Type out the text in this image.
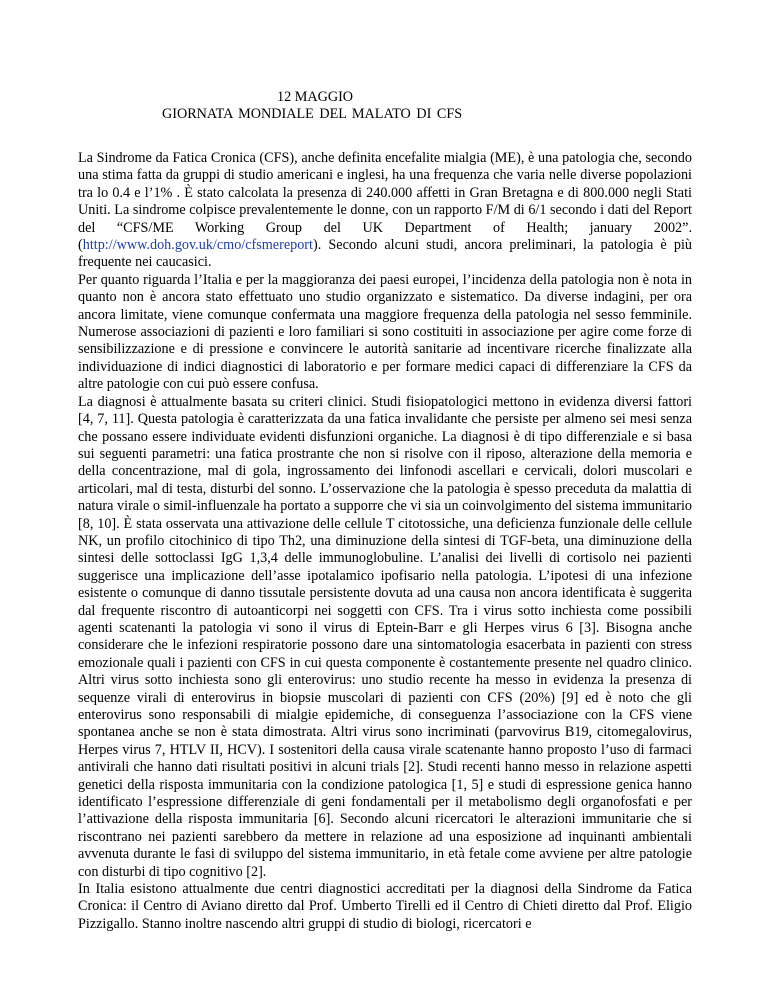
12 MAGGIO
GIORNATA MONDIALE DEL MALATO DI CFS

La Sindrome da Fatica Cronica (CFS), anche definita encefalite mialgia (ME), è una patologia che, secondo una stima fatta da gruppi di studio americani e inglesi, ha una frequenza che varia nelle diverse popolazioni tra lo 0.4 e l’1% . È stato calcolata la presenza di 240.000 affetti in Gran Bretagna e di 800.000 negli Stati Uniti. La sindrome colpisce prevalentemente le donne, con un rapporto F/M di 6/1 secondo i dati del Report del “CFS/ME Working Group del UK Department of Health; january 2002”. (http://www.doh.gov.uk/cmo/cfsmereport). Secondo alcuni studi, ancora preliminari, la patologia è più frequente nei caucasici.

Per quanto riguarda l’Italia e per la maggioranza dei paesi europei, l’incidenza della patologia non è nota in quanto non è ancora stato effettuato uno studio organizzato e sistematico. Da diverse indagini, per ora ancora limitate, viene comunque confermata una maggiore frequenza della patologia nel sesso femminile. Numerose associazioni di pazienti e loro familiari si sono costituiti in associazione per agire come forze di sensibilizzazione e di pressione e convincere le autorità sanitarie ad incentivare ricerche finalizzate alla individuazione di indici diagnostici di laboratorio e per formare medici capaci di differenziare la CFS da altre patologie con cui può essere confusa.

La diagnosi è attualmente basata su criteri clinici. Studi fisiopatologici mettono in evidenza diversi fattori [4, 7, 11]. Questa patologia è caratterizzata da una fatica invalidante che persiste per almeno sei mesi senza che possano essere individuate evidenti disfunzioni organiche. La diagnosi è di tipo differenziale e si basa sui seguenti parametri: una fatica prostrante che non si risolve con il riposo, alterazione della memoria e della concentrazione, mal di gola, ingrossamento dei linfonodi ascellari e cervicali, dolori muscolari e articolari, mal di testa, disturbi del sonno. L’osservazione che la patologia è spesso preceduta da malattia di natura virale o simil-influenzale ha portato a supporre che vi sia un coinvolgimento del sistema immunitario [8, 10]. È stata osservata una attivazione delle cellule T citotossiche, una deficienza funzionale delle cellule NK, un profilo citochinico di tipo Th2, una diminuzione della sintesi di TGF-beta, una diminuzione della sintesi delle sottoclassi IgG 1,3,4 delle immunoglobuline. L’analisi dei livelli di cortisolo nei pazienti suggerisce una implicazione dell’asse ipotalamico ipofisario nella patologia. L’ipotesi di una infezione esistente o comunque di danno tissutale persistente dovuta ad una causa non ancora identificata è suggerita dal frequente riscontro di autoanticorpi nei soggetti con CFS. Tra i virus sotto inchiesta come possibili agenti scatenanti la patologia vi sono il virus di Eptein-Barr e gli Herpes virus 6 [3]. Bisogna anche considerare che le infezioni respiratorie possono dare una sintomatologia esacerbata in pazienti con stress emozionale quali i pazienti con CFS in cui questa componente è costantemente presente nel quadro clinico. Altri virus sotto inchiesta sono gli enterovirus: uno studio recente ha messo in evidenza la presenza di sequenze virali di enterovirus in biopsie muscolari di pazienti con CFS (20%) [9] ed è noto che gli enterovirus sono responsabili di mialgie epidemiche, di conseguenza l’associazione con la CFS viene spontanea anche se non è stata dimostrata. Altri virus sono incriminati (parvovirus B19, citomegalovirus, Herpes virus 7, HTLV II, HCV). I sostenitori della causa virale scatenante hanno proposto l’uso di farmaci antivirali che hanno dati risultati positivi in alcuni trials [2]. Studi recenti hanno messo in relazione aspetti genetici della risposta immunitaria con la condizione patologica [1, 5] e studi di espressione genica hanno identificato l’espressione differenziale di geni fondamentali per il metabolismo degli organofosfati e per l’attivazione della risposta immunitaria [6]. Secondo alcuni ricercatori le alterazioni immunitarie che si riscontrano nei pazienti sarebbero da mettere in relazione ad una esposizione ad inquinanti ambientali avvenuta durante le fasi di sviluppo del sistema immunitario, in età fetale come avviene per altre patologie con disturbi di tipo cognitivo [2].

In Italia esistono attualmente due centri diagnostici accreditati per la diagnosi della Sindrome da Fatica Cronica: il Centro di Aviano diretto dal Prof. Umberto Tirelli ed il Centro di Chieti diretto dal Prof. Eligio Pizzigallo. Stanno inoltre nascendo altri gruppi di studio di biologi, ricercatori e
